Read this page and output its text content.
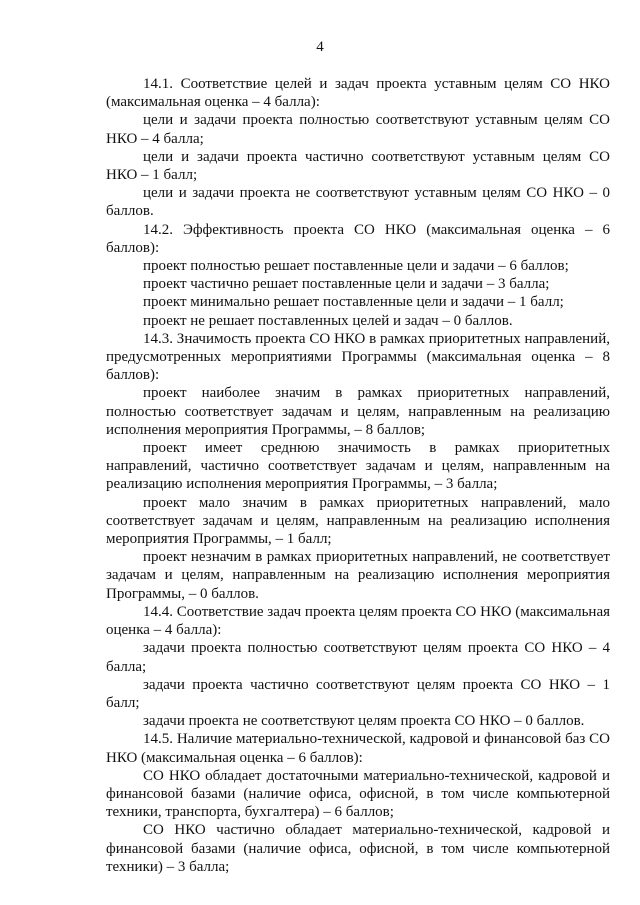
4

14.1. Соответствие целей и задач проекта уставным целям СО НКО (максимальная оценка – 4 балла):

цели и задачи проекта полностью соответствуют уставным целям СО НКО – 4 балла;

цели и задачи проекта частично соответствуют уставным целям СО НКО – 1 балл;

цели и задачи проекта не соответствуют уставным целям СО НКО – 0 баллов.

14.2. Эффективность проекта СО НКО (максимальная оценка – 6 баллов):

проект полностью решает поставленные цели и задачи – 6 баллов;

проект частично решает поставленные цели и задачи – 3 балла;

проект минимально решает поставленные цели и задачи – 1 балл;

проект не решает поставленных целей и задач – 0 баллов.

14.3. Значимость проекта СО НКО в рамках приоритетных направлений, предусмотренных мероприятиями Программы (максимальная оценка – 8 баллов):

проект наиболее значим в рамках приоритетных направлений, полностью соответствует задачам и целям, направленным на реализацию исполнения мероприятия Программы, – 8 баллов;

проект имеет среднюю значимость в рамках приоритетных направлений, частично соответствует задачам и целям, направленным на реализацию исполнения мероприятия Программы, – 3 балла;

проект мало значим в рамках приоритетных направлений, мало соответствует задачам и целям, направленным на реализацию исполнения мероприятия Программы, – 1 балл;

проект незначим в рамках приоритетных направлений, не соответствует задачам и целям, направленным на реализацию исполнения мероприятия Программы, – 0 баллов.

14.4. Соответствие задач проекта целям проекта СО НКО (максимальная оценка – 4 балла):

задачи проекта полностью соответствуют целям проекта СО НКО – 4 балла;

задачи проекта частично соответствуют целям проекта СО НКО – 1 балл;

задачи проекта не соответствуют целям проекта СО НКО – 0 баллов.

14.5. Наличие материально-технической, кадровой и финансовой баз СО НКО (максимальная оценка – 6 баллов):

СО НКО обладает достаточными материально-технической, кадровой и финансовой базами (наличие офиса, офисной, в том числе компьютерной техники, транспорта, бухгалтера) – 6 баллов;

СО НКО частично обладает материально-технической, кадровой и финансовой базами (наличие офиса, офисной, в том числе компьютерной техники) – 3 балла;
